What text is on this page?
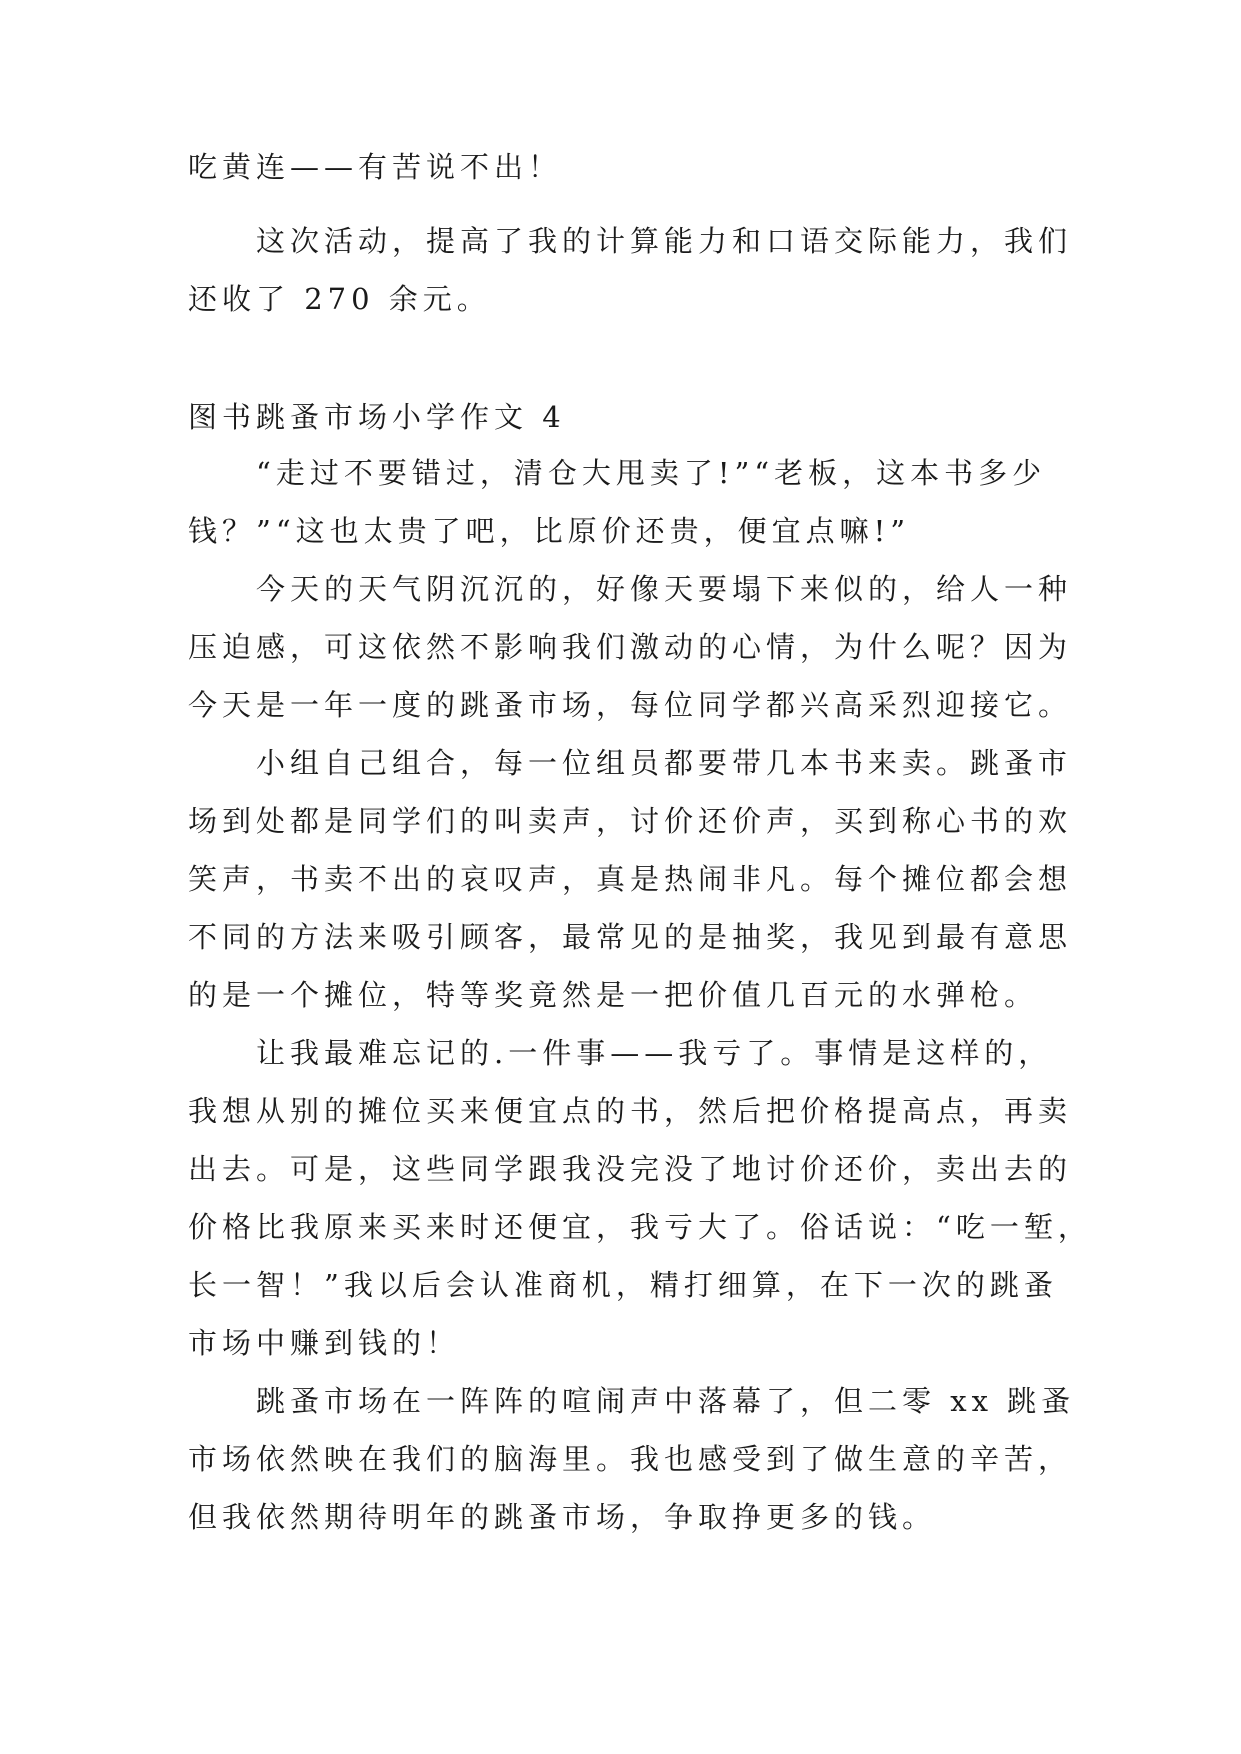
吃黄连——有苦说不出！
这次活动，提高了我的计算能力和口语交际能力，我们
还收了 270 余元。
图书跳蚤市场小学作文 4
“走过不要错过，清仓大甩卖了!”“老板，这本书多少
钱？”“这也太贵了吧，比原价还贵，便宜点嘛!”
今天的天气阴沉沉的，好像天要塌下来似的，给人一种
压迫感，可这依然不影响我们激动的心情，为什么呢？因为
今天是一年一度的跳蚤市场，每位同学都兴高采烈迎接它。
小组自己组合，每一位组员都要带几本书来卖。跳蚤市
场到处都是同学们的叫卖声，讨价还价声，买到称心书的欢
笑声，书卖不出的哀叹声，真是热闹非凡。每个摊位都会想
不同的方法来吸引顾客，最常见的是抽奖，我见到最有意思
的是一个摊位，特等奖竟然是一把价值几百元的水弹枪。
让我最难忘记的.一件事——我亏了。事情是这样的，
我想从别的摊位买来便宜点的书，然后把价格提高点，再卖
出去。可是，这些同学跟我没完没了地讨价还价，卖出去的
价格比我原来买来时还便宜，我亏大了。俗话说：“吃一堑，
长一智！”我以后会认准商机，精打细算，在下一次的跳蚤
市场中赚到钱的！
跳蚤市场在一阵阵的喧闹声中落幕了，但二零 xx 跳蚤
市场依然映在我们的脑海里。我也感受到了做生意的辛苦，
但我依然期待明年的跳蚤市场，争取挣更多的钱。
